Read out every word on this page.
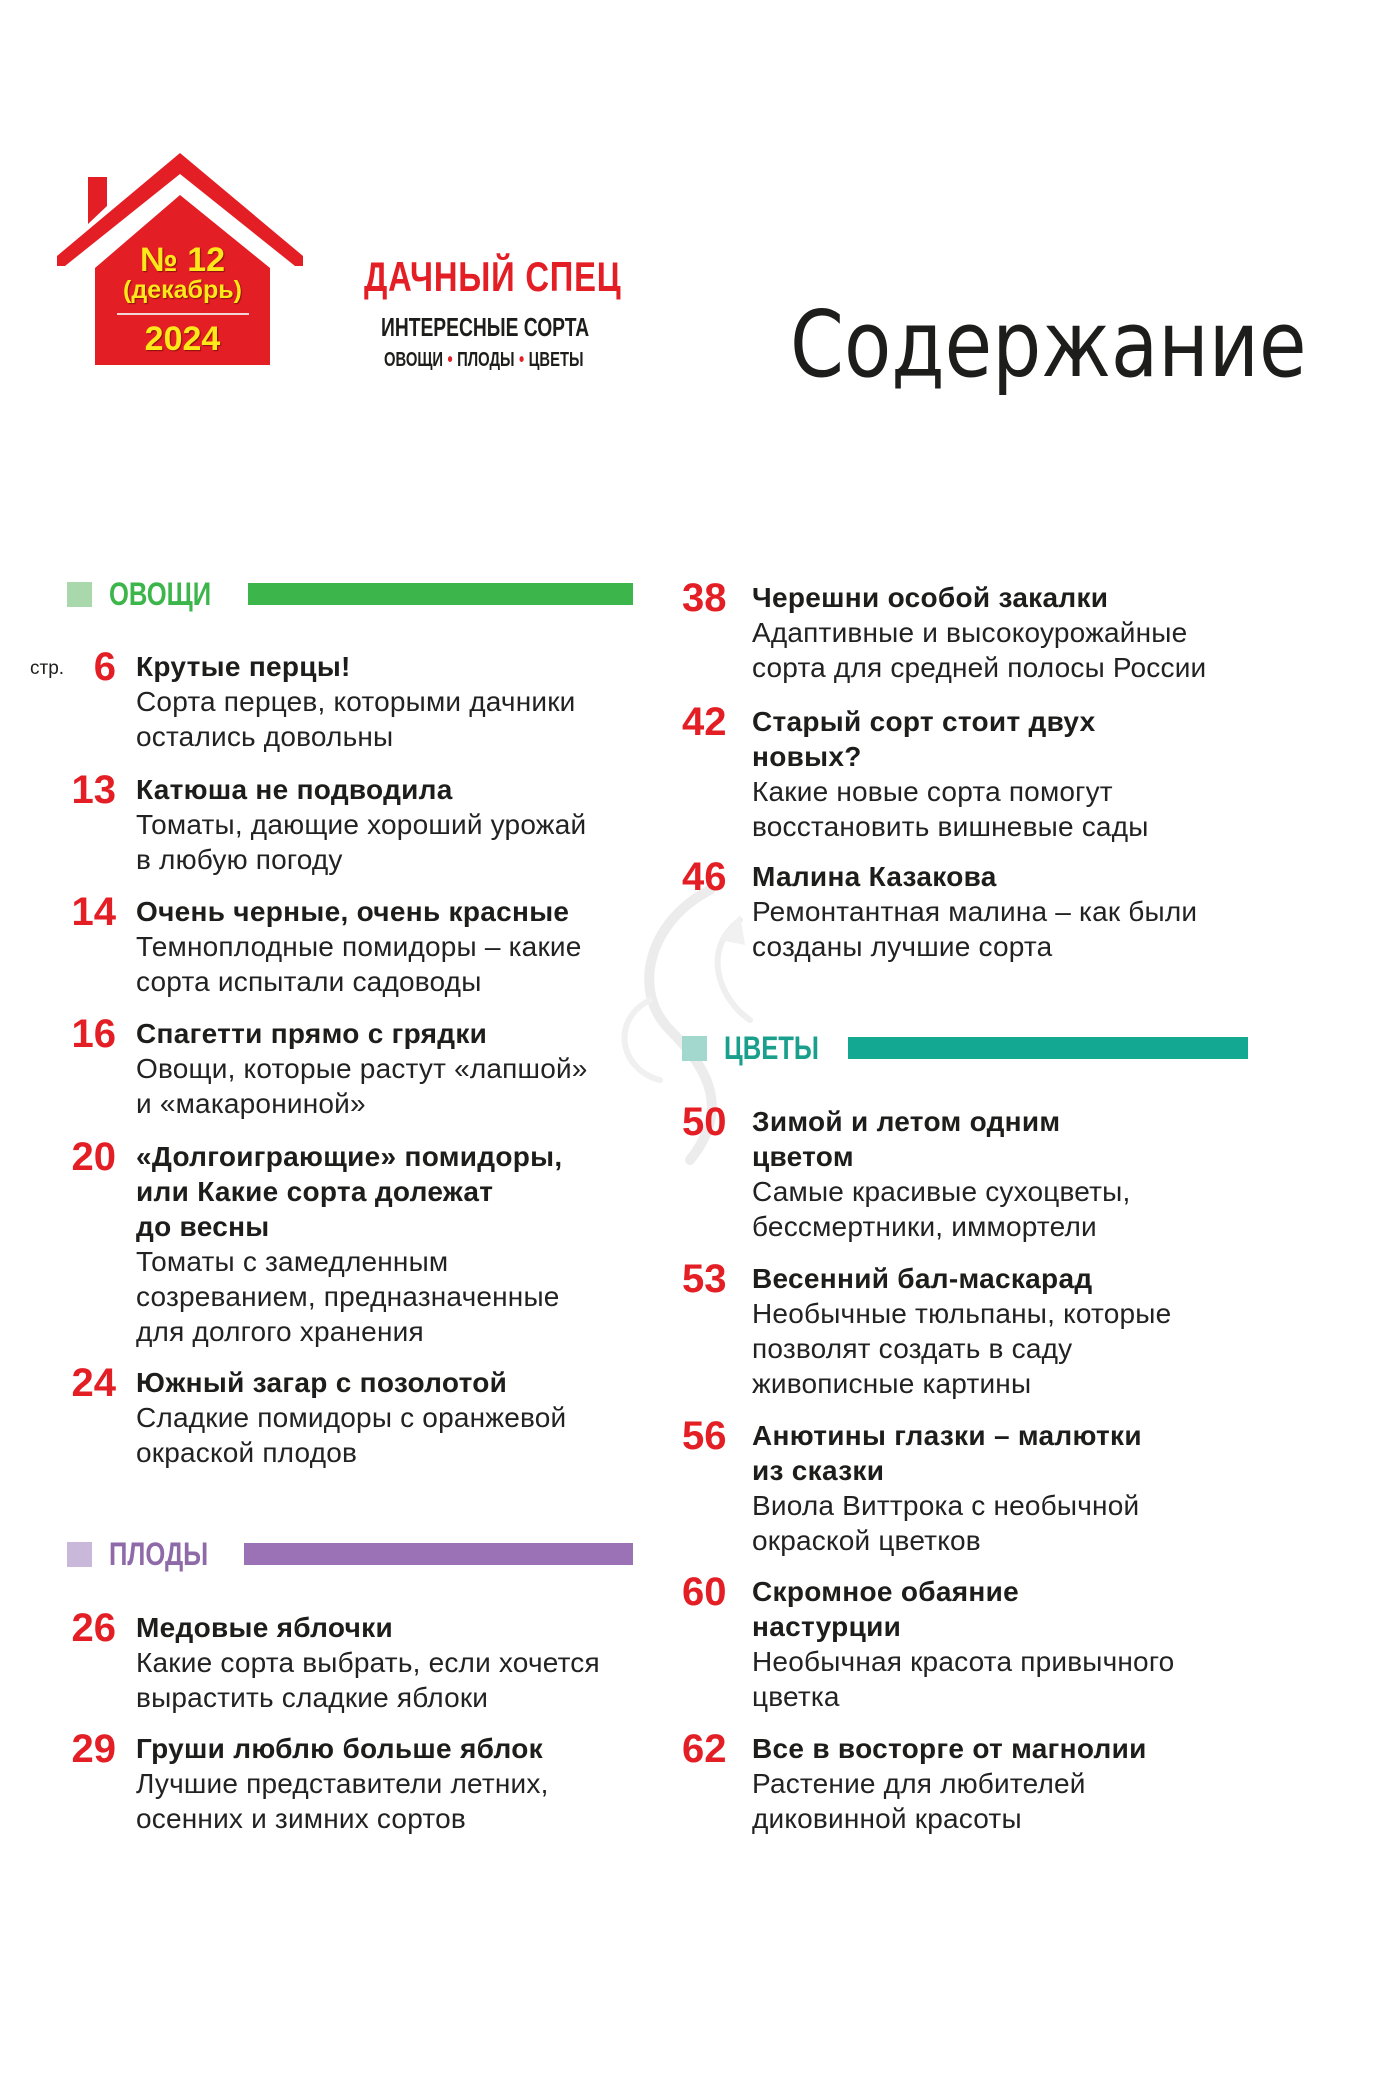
№ 12
(декабрь)
2024
ДАЧНЫЙ СПЕЦ
ИНТЕРЕСНЫЕ СОРТА
ОВОЩИ • ПЛОДЫ • ЦВЕТЫ Содержание
ОВОЩИ
6
стр.	Крутые перцы!
Сорта перцев, которыми дачники
остались довольны
13 Катюша не подводила
Томаты, дающие хороший урожай
в любую погоду
14 Очень черные, очень красные
Темноплодные помидоры – какие
сорта испытали садоводы
16 Спагетти прямо с грядки
Овощи, которые растут «лапшой»
и «макарониной»
20 «Долгоиграющие» помидоры,
или Какие сорта долежат
до весны
Томаты с замедленным
созреванием, предназначенные
для долгого хранения
24 Южный загар с позолотой
Сладкие помидоры с оранжевой
окраской плодов
ПЛОДЫ
26 Медовые яблочки
Какие сорта выбрать, если хочется
вырастить сладкие яблоки
29 Груши люблю больше яблок
Лучшие представители летних,
осенних и зимних сортов
38 Черешни особой закалки
Адаптивные и высокоурожайные
сорта для средней полосы России
42 Старый сорт стоит двух
новых?
Какие новые сорта помогут
восстановить вишневые сады
46 Малина Казакова
Ремонтантная малина – как были
созданы лучшие сорта
ЦВЕТЫ
50 Зимой и летом одним
цветом
Самые красивые сухоцветы,
бессмертники, иммортели
53 Весенний бал-маскарад
Необычные тюльпаны, которые
позволят создать в саду
живописные картины
56 Анютины глазки – малютки
из сказки
Виола Виттрока с необычной
окраской цветков
60 Скромное обаяние
настурции
Необычная красота привычного
цветка
62 Все в восторге от магнолии
Растение для любителей
диковинной красоты
